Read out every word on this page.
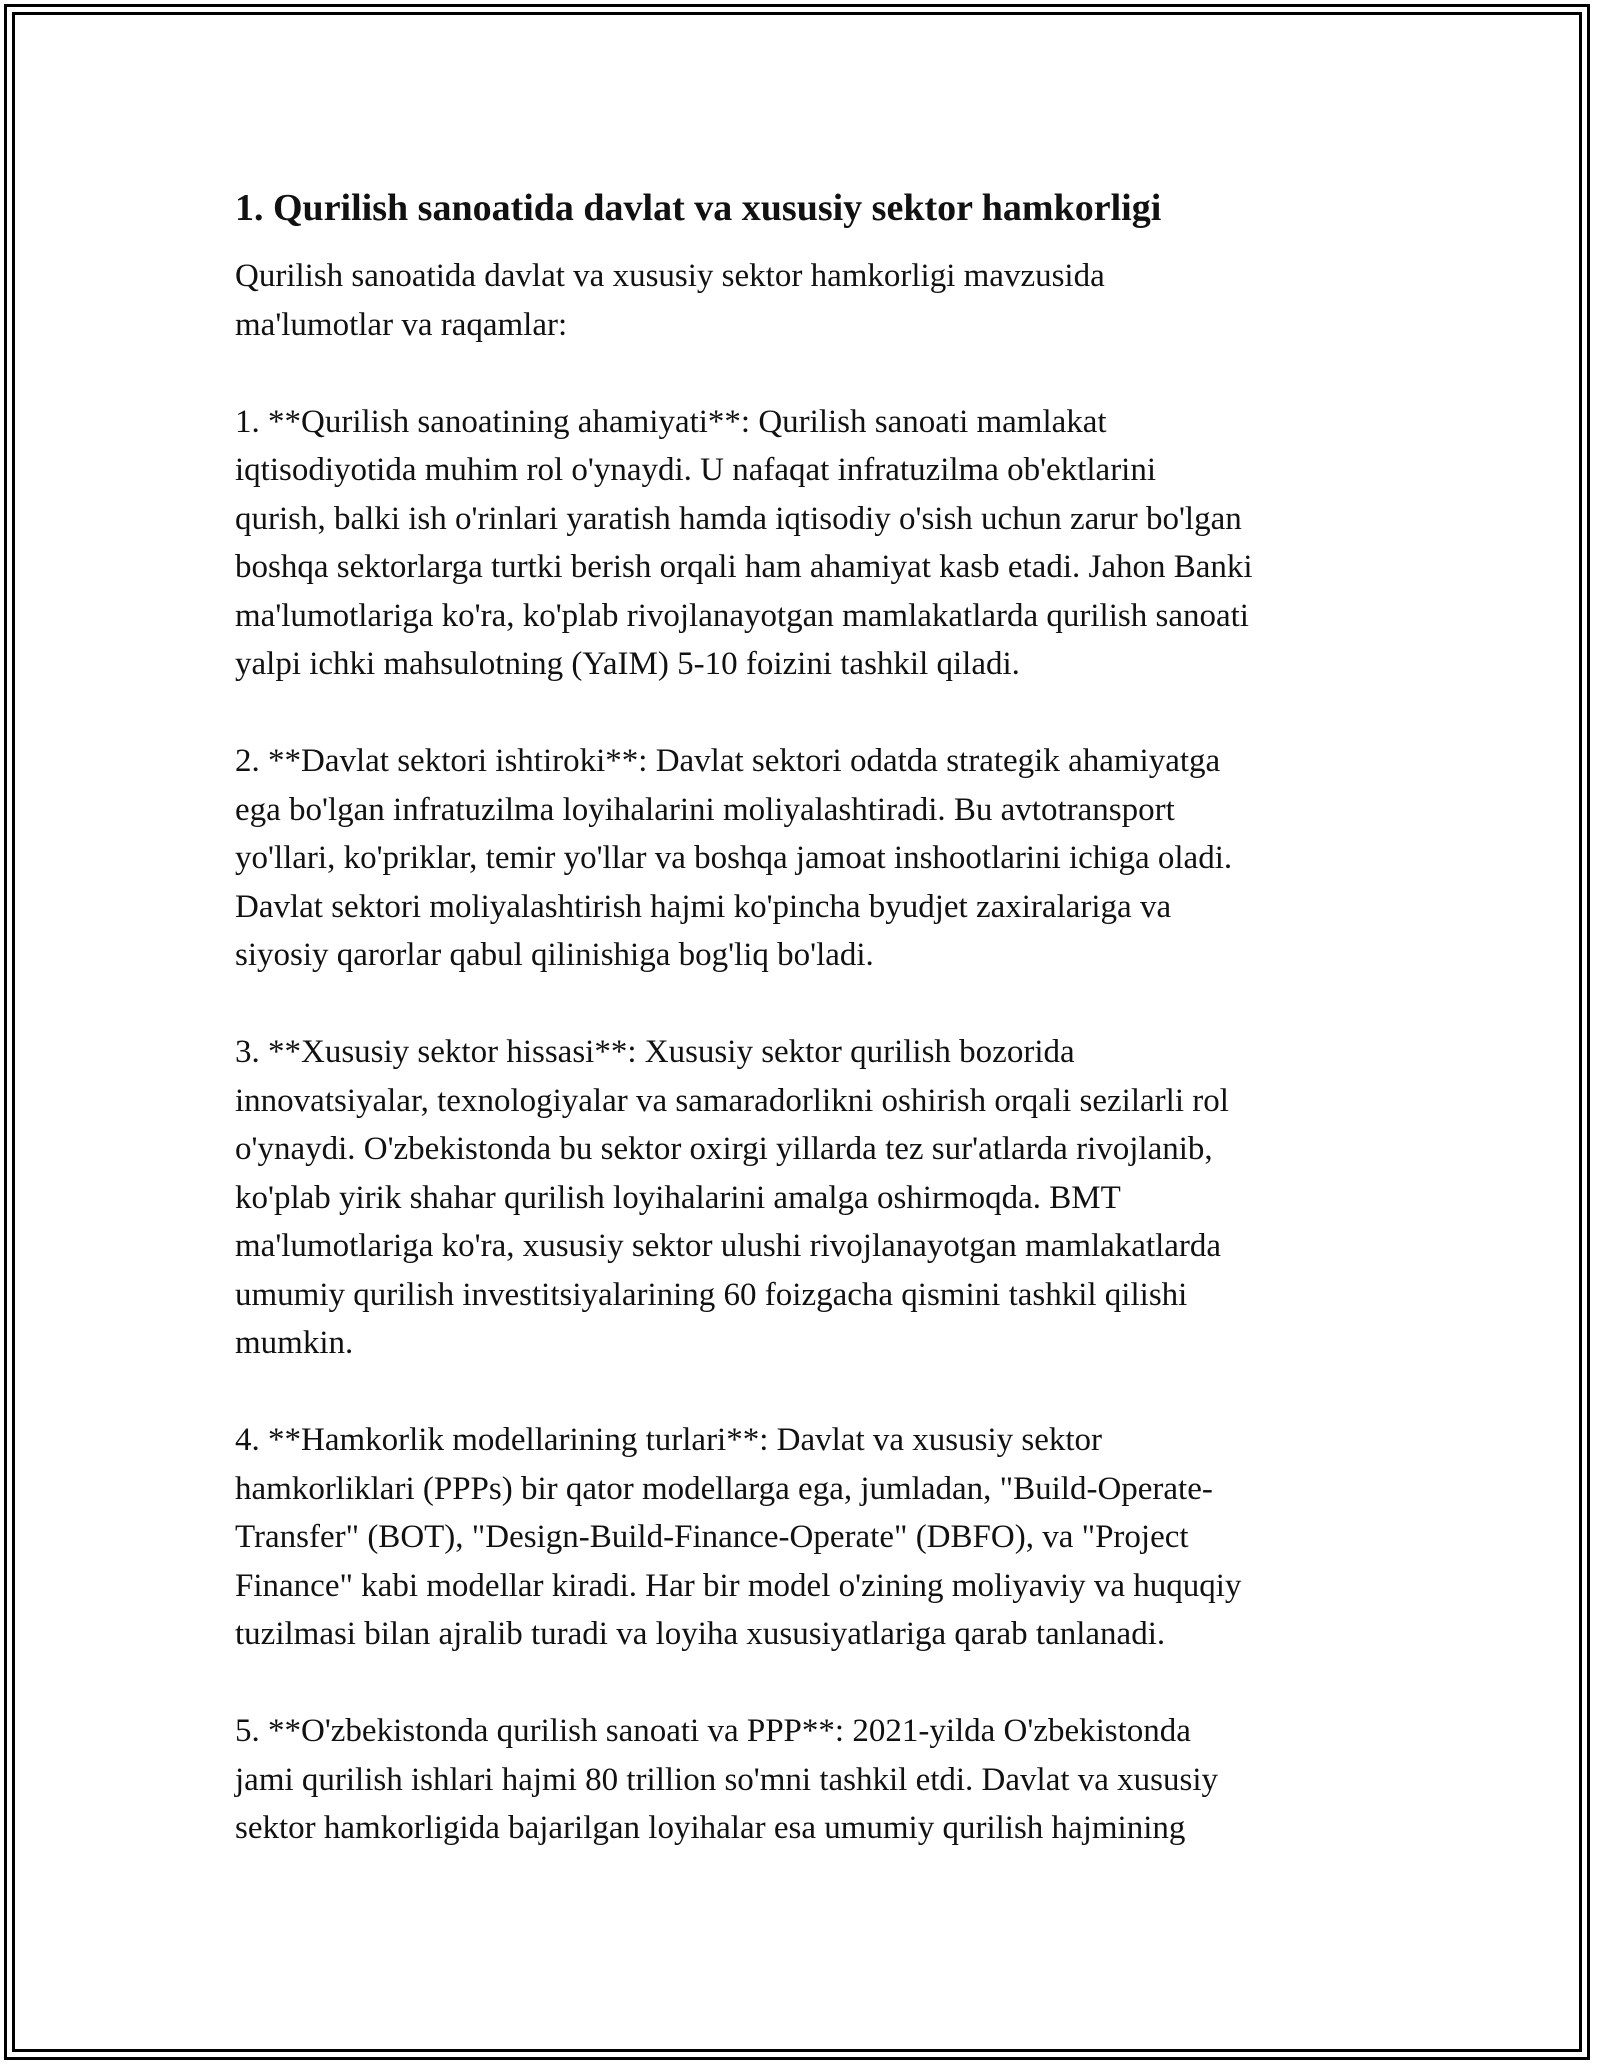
1. Qurilish sanoatida davlat va xususiy sektor hamkorligi

Qurilish sanoatida davlat va xususiy sektor hamkorligi mavzusida
ma'lumotlar va raqamlar:

1. **Qurilish sanoatining ahamiyati**: Qurilish sanoati mamlakat
iqtisodiyotida muhim rol o'ynaydi. U nafaqat infratuzilma ob'ektlarini
qurish, balki ish o'rinlari yaratish hamda iqtisodiy o'sish uchun zarur bo'lgan
boshqa sektorlarga turtki berish orqali ham ahamiyat kasb etadi. Jahon Banki
ma'lumotlariga ko'ra, ko'plab rivojlanayotgan mamlakatlarda qurilish sanoati
yalpi ichki mahsulotning (YaIM) 5-10 foizini tashkil qiladi.

2. **Davlat sektori ishtiroki**: Davlat sektori odatda strategik ahamiyatga
ega bo'lgan infratuzilma loyihalarini moliyalashtiradi. Bu avtotransport
yo'llari, ko'priklar, temir yo'llar va boshqa jamoat inshootlarini ichiga oladi.
Davlat sektori moliyalashtirish hajmi ko'pincha byudjet zaxiralariga va
siyosiy qarorlar qabul qilinishiga bog'liq bo'ladi.

3. **Xususiy sektor hissasi**: Xususiy sektor qurilish bozorida
innovatsiyalar, texnologiyalar va samaradorlikni oshirish orqali sezilarli rol
o'ynaydi. O'zbekistonda bu sektor oxirgi yillarda tez sur'atlarda rivojlanib,
ko'plab yirik shahar qurilish loyihalarini amalga oshirmoqda. BMT
ma'lumotlariga ko'ra, xususiy sektor ulushi rivojlanayotgan mamlakatlarda
umumiy qurilish investitsiyalarining 60 foizgacha qismini tashkil qilishi
mumkin.

4. **Hamkorlik modellarining turlari**: Davlat va xususiy sektor
hamkorliklari (PPPs) bir qator modellarga ega, jumladan, "Build-Operate-
Transfer" (BOT), "Design-Build-Finance-Operate" (DBFO), va "Project
Finance" kabi modellar kiradi. Har bir model o'zining moliyaviy va huquqiy
tuzilmasi bilan ajralib turadi va loyiha xususiyatlariga qarab tanlanadi.

5. **O'zbekistonda qurilish sanoati va PPP**: 2021-yilda O'zbekistonda
jami qurilish ishlari hajmi 80 trillion so'mni tashkil etdi. Davlat va xususiy
sektor hamkorligida bajarilgan loyihalar esa umumiy qurilish hajmining
